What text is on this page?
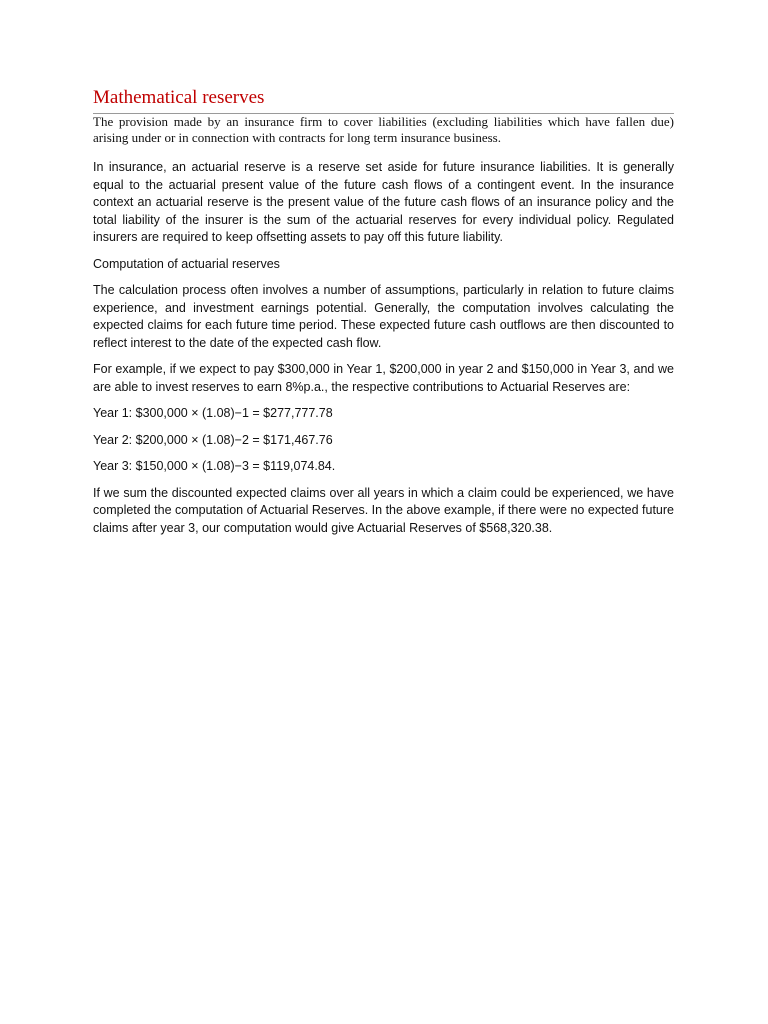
Mathematical reserves

The provision made by an insurance firm to cover liabilities (excluding liabilities which have fallen due) arising under or in connection with contracts for long term insurance business.

In insurance, an actuarial reserve is a reserve set aside for future insurance liabilities. It is generally equal to the actuarial present value of the future cash flows of a contingent event. In the insurance context an actuarial reserve is the present value of the future cash flows of an insurance policy and the total liability of the insurer is the sum of the actuarial reserves for every individual policy. Regulated insurers are required to keep offsetting assets to pay off this future liability.

Computation of actuarial reserves

The calculation process often involves a number of assumptions, particularly in relation to future claims experience, and investment earnings potential. Generally, the computation involves calculating the expected claims for each future time period. These expected future cash outflows are then discounted to reflect interest to the date of the expected cash flow.

For example, if we expect to pay $300,000 in Year 1, $200,000 in year 2 and $150,000 in Year 3, and we are able to invest reserves to earn 8%p.a., the respective contributions to Actuarial Reserves are:

Year 1: $300,000 × (1.08)−1 = $277,777.78

Year 2: $200,000 × (1.08)−2 = $171,467.76

Year 3: $150,000 × (1.08)−3 = $119,074.84.

If we sum the discounted expected claims over all years in which a claim could be experienced, we have completed the computation of Actuarial Reserves. In the above example, if there were no expected future claims after year 3, our computation would give Actuarial Reserves of $568,320.38.
